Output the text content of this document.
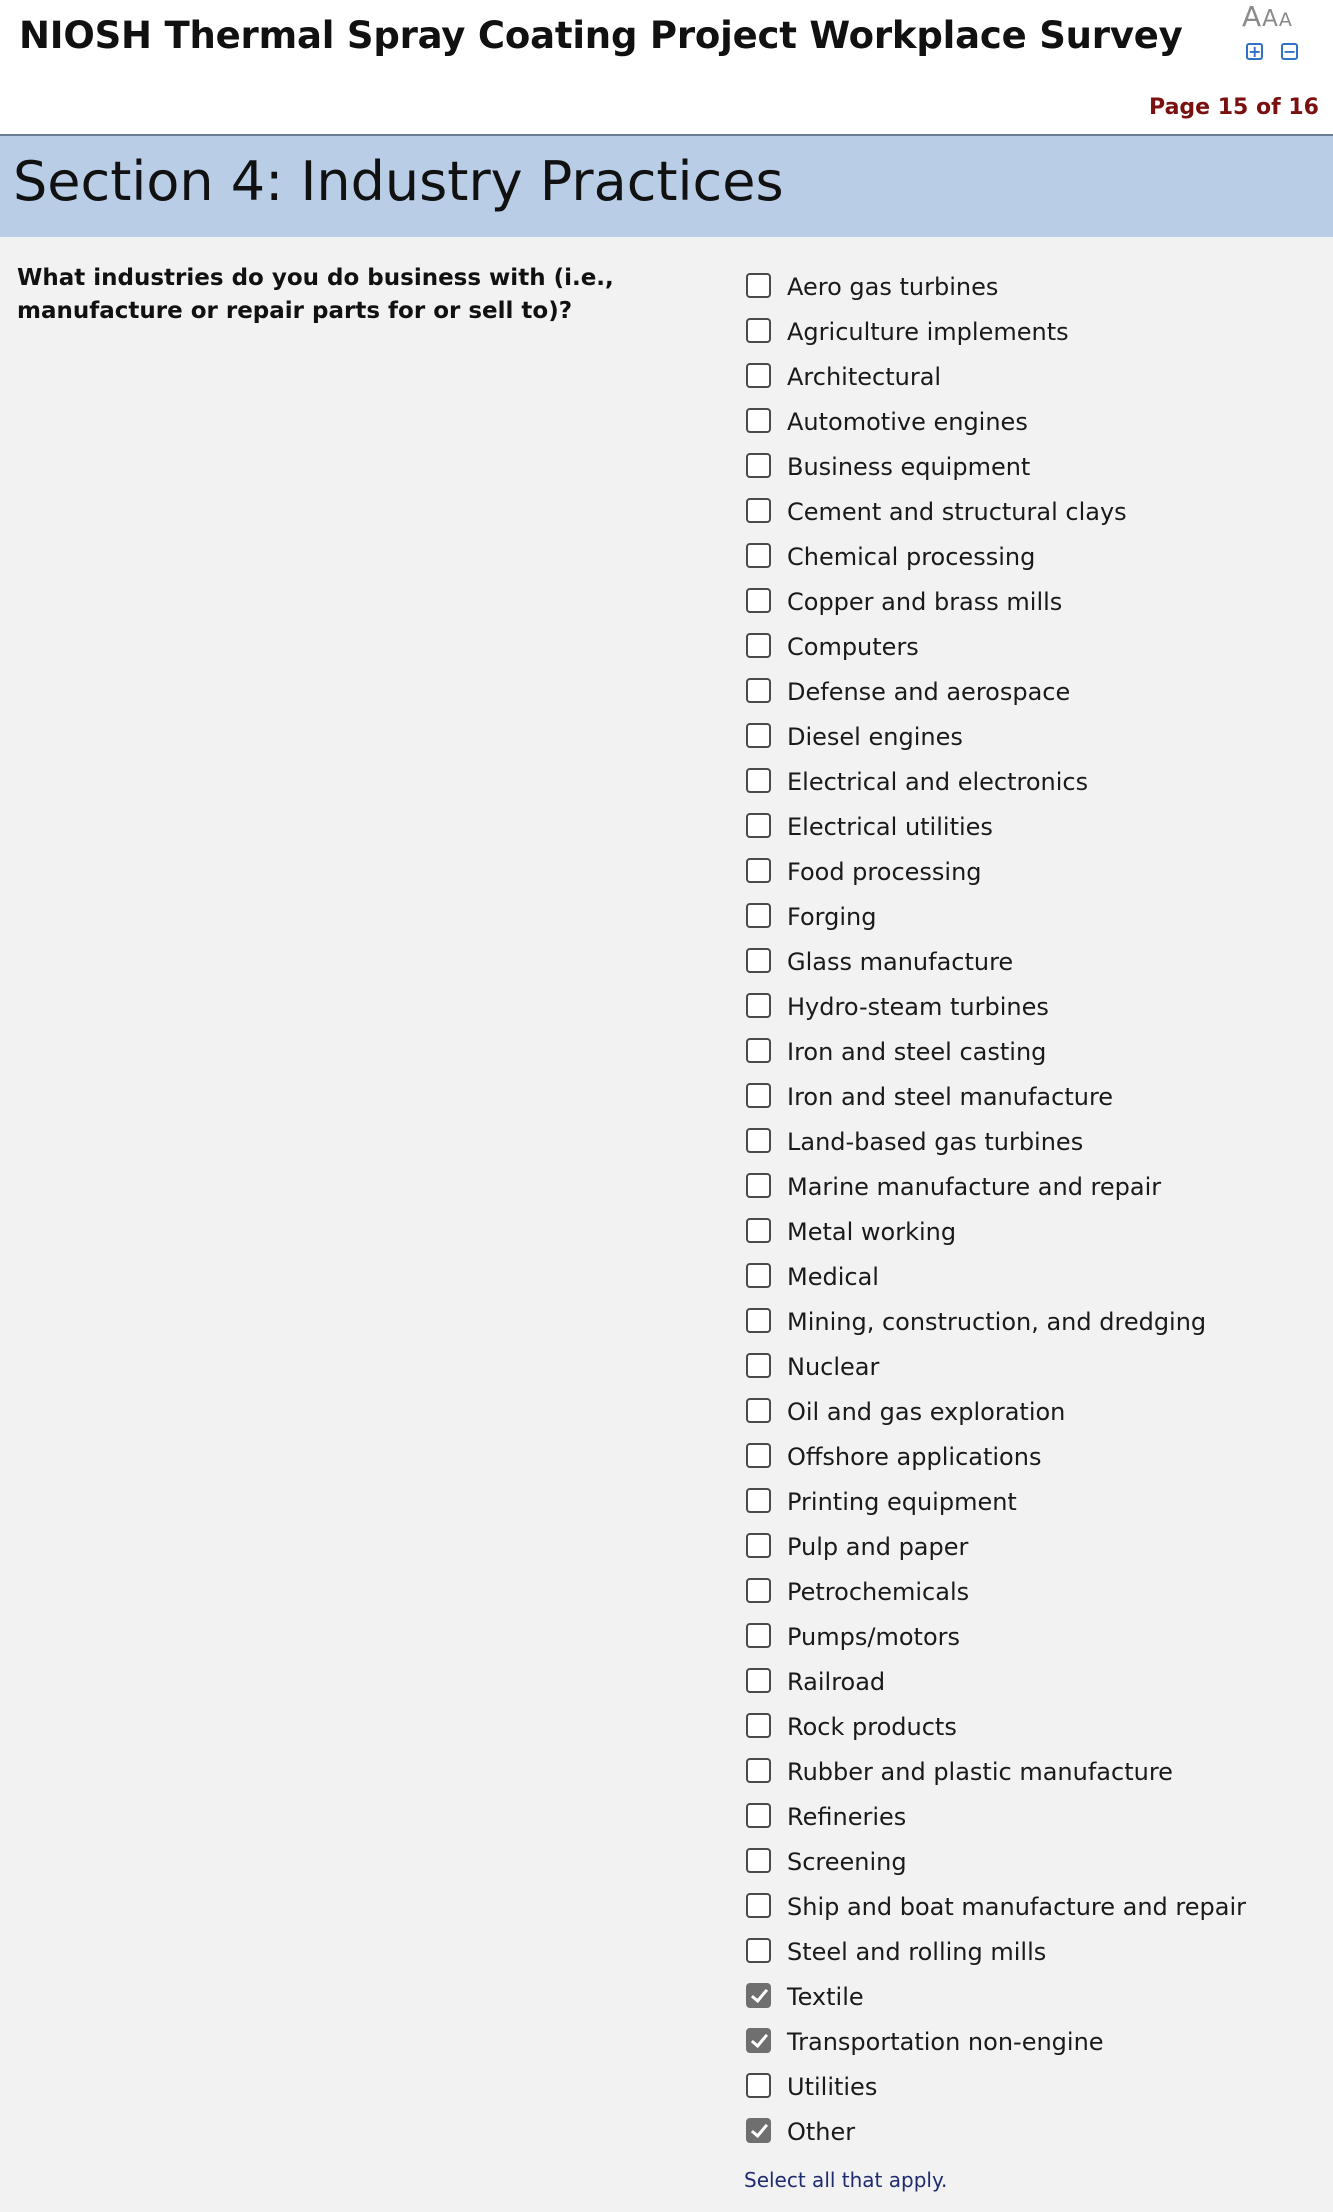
NIOSH Thermal Spray Coating Project Workplace Survey AAA
+ −
Page 15 of 16
Section 4: Industry Practices
What industries do you do business with (i.e., manufacture or repair parts for or sell to)?
Aero gas turbines
Agriculture implements
Architectural
Automotive engines
Business equipment
Cement and structural clays
Chemical processing
Copper and brass mills
Computers
Defense and aerospace
Diesel engines
Electrical and electronics
Electrical utilities
Food processing
Forging
Glass manufacture
Hydro-steam turbines
Iron and steel casting
Iron and steel manufacture
Land-based gas turbines
Marine manufacture and repair
Metal working
Medical
Mining, construction, and dredging
Nuclear
Oil and gas exploration
Offshore applications
Printing equipment
Pulp and paper
Petrochemicals
Pumps/motors
Railroad
Rock products
Rubber and plastic manufacture
Refineries
Screening
Ship and boat manufacture and repair
Steel and rolling mills
Textile
Transportation non-engine
Utilities
Other
Select all that apply.
